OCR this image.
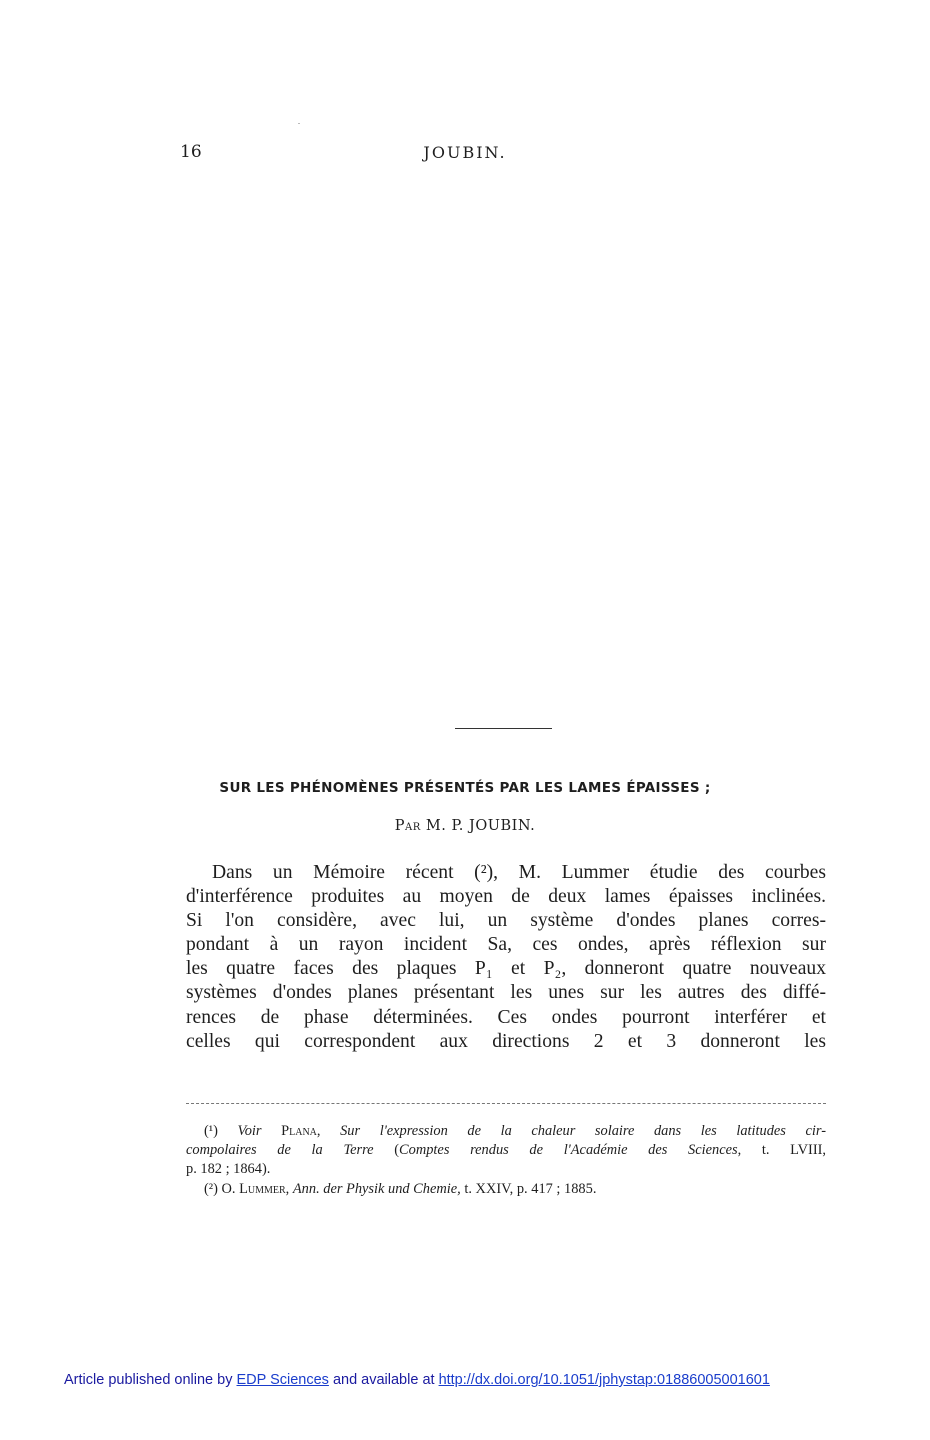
16	JOUBIN.
SUR LES PHÉNOMÈNES PRÉSENTÉS PAR LES LAMES ÉPAISSES ;
Par M. P. JOUBIN.
Dans un Mémoire récent (²), M. Lummer étudie des courbes
d'interférence produites au moyen de deux lames épaisses inclinées.
Si l'on considère, avec lui, un système d'ondes planes corres-
pondant à un rayon incident Sa, ces ondes, après réflexion sur
les quatre faces des plaques P₁ et P₂, donneront quatre nouveaux
systèmes d'ondes planes présentant les unes sur les autres des diffé-
rences de phase déterminées. Ces ondes pourront interférer et
celles qui correspondent aux directions 2 et 3 donneront les
(¹) Voir Plana, Sur l'expression de la chaleur solaire dans les latitudes cir-
compolaires de la Terre (Comptes rendus de l'Académie des Sciences, t. LVIII,
p. 182 ; 1864).
(²) O. Lummer, Ann. der Physik und Chemie, t. XXIV, p. 417 ; 1885.
Article published online by EDP Sciences and available at http://dx.doi.org/10.1051/jphystap:01886005001601
